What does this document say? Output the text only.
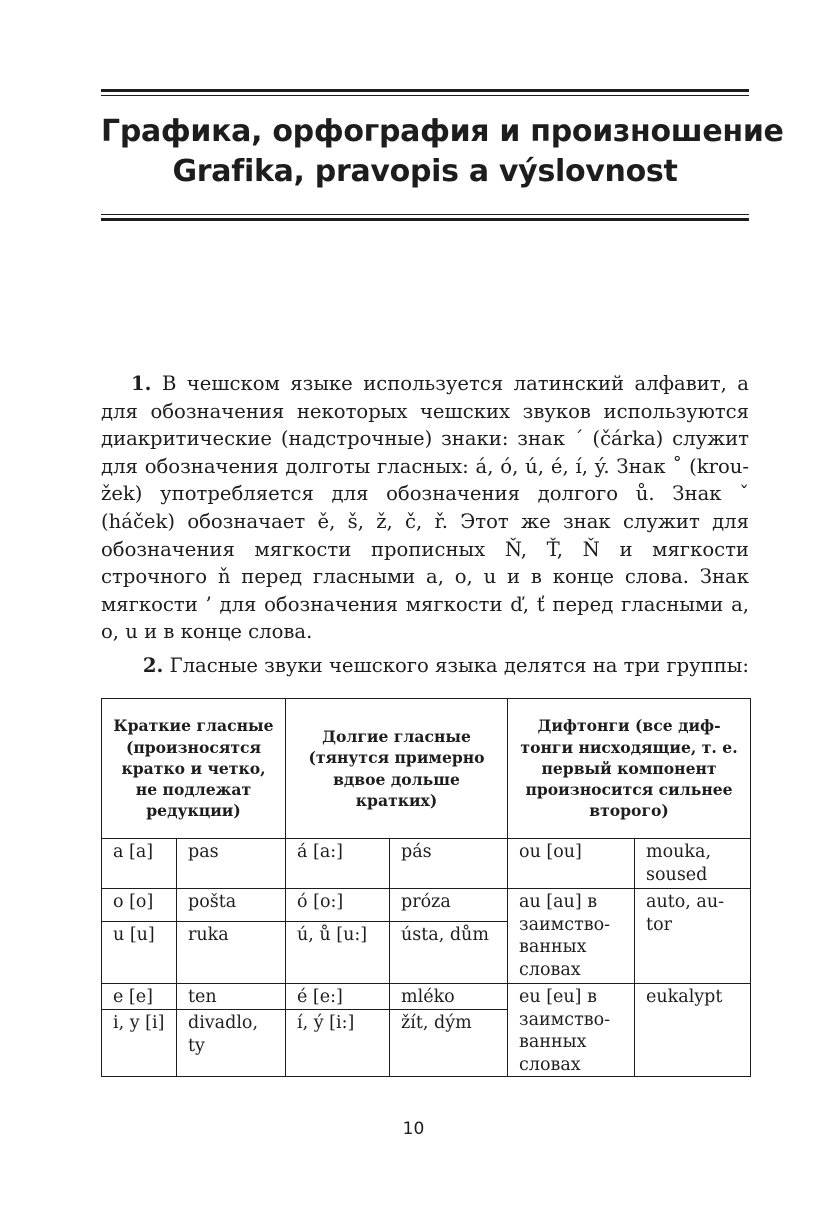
Графика, орфография и произношение
Grafika, pravopis a výslovnost
1. В чешском языке используется латинский алфавит, а для обозначения некоторых чешских звуков используются диакритические (надстрочные) знаки: знак ´ (čárka) служит для обозначения долготы гласных: á, ó, ú, é, í, ý. Знак ˚ (kroužek) употребляется для обозначения долгого ů. Знак ˇ (háček) обозначает ě, š, ž, č, ř. Этот же знак служит для обозначения мягкости прописных Ň, Ť, Ň и мягкости строчного ň перед гласными a, o, u и в конце слова. Знак мягкости ’ для обозначения мягкости ď, ť перед гласными a, o, u и в конце слова.
2. Гласные звуки чешского языка делятся на три группы:
Краткие гласные (произносятся кратко и четко, не подлежат редукции)		Долгие гласные (тянутся примерно вдвое дольше кратких)		Дифтонги (все дифтонги нисходящие, т. е. первый компонент произносится сильнее второго)	
a [a]	pas	á [a:]	pás	ou [ou]	mouka, soused
o [o]	pošta	ó [o:]	próza	au [au] в заимствованных словах	auto, autor
u [u]	ruka	ú, ů [u:]	ústa, dům		
e [e]	ten	é [e:]	mléko	eu [eu] в заимствованных словах	eukalypt
i, y [i]	divadlo, ty	í, ý [i:]	žít, dým		
10
